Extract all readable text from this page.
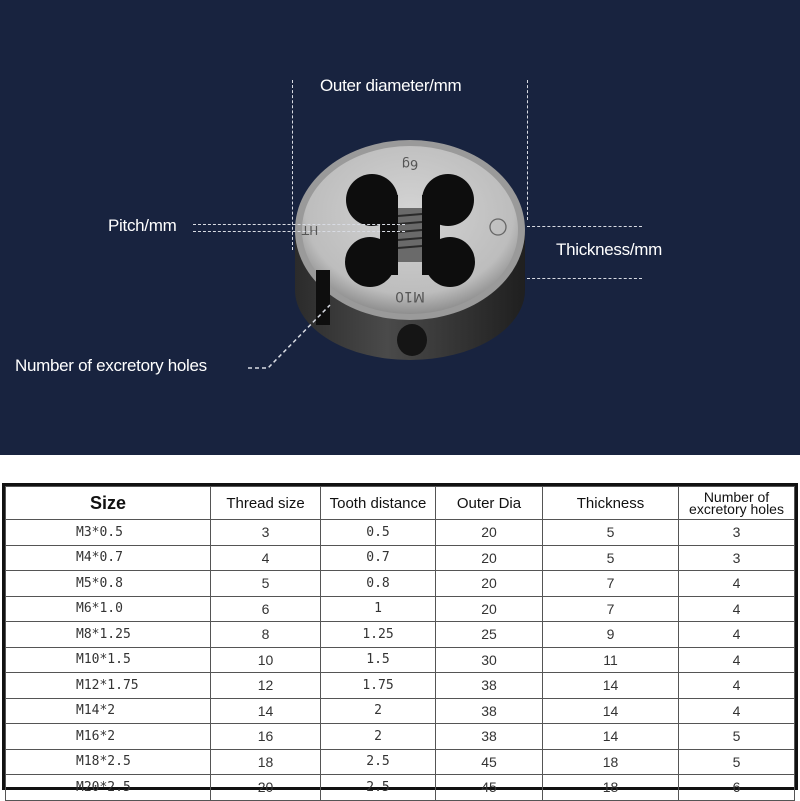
Outer diameter/mm
6g
HT
M10
Pitch/mm
Thickness/mm
Number of excretory holes
Size	Thread size	Tooth distance	Outer Dia	Thickness	Number of excretory holes
M3*0.5	3	0.5	20	5	3
M4*0.7	4	0.7	20	5	3
M5*0.8	5	0.8	20	7	4
M6*1.0	6	1	20	7	4
M8*1.25	8	1.25	25	9	4
M10*1.5	10	1.5	30	11	4
M12*1.75	12	1.75	38	14	4
M14*2	14	2	38	14	4
M16*2	16	2	38	14	5
M18*2.5	18	2.5	45	18	5
M20*2.5	20	2.5	45	18	6
